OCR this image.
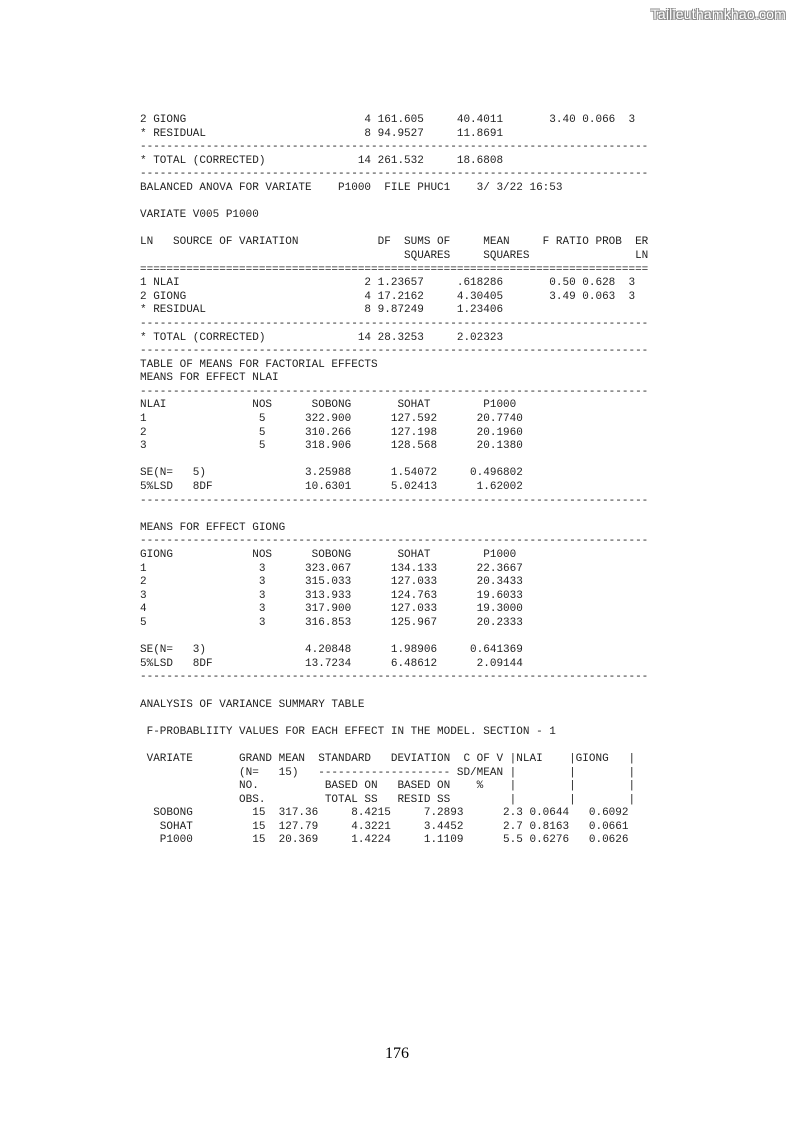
Tailieuthamkhao.com
2 GIONG                           4 161.605     40.4011       3.40 0.066  3
* RESIDUAL                        8 94.9527     11.8691
-----------------------------------------------------------------------------
* TOTAL (CORRECTED)              14 261.532     18.6808
-----------------------------------------------------------------------------
BALANCED ANOVA FOR VARIATE    P1000  FILE PHUC1    3/ 3/22 16:53
VARIATE V005 P1000
LN   SOURCE OF VARIATION            DF  SUMS OF     MEAN     F RATIO PROB  ER
SQUARES     SQUARES                LN
=============================================================================
1 NLAI                            2 1.23657     .618286       0.50 0.628  3
2 GIONG                           4 17.2162     4.30405       3.49 0.063  3
* RESIDUAL                        8 9.87249     1.23406
-----------------------------------------------------------------------------
* TOTAL (CORRECTED)              14 28.3253     2.02323
-----------------------------------------------------------------------------
TABLE OF MEANS FOR FACTORIAL EFFECTS
MEANS FOR EFFECT NLAI
-----------------------------------------------------------------------------
NLAI             NOS      SOBONG       SOHAT        P1000
1                 5      322.900      127.592      20.7740
2                 5      310.266      127.198      20.1960
3                 5      318.906      128.568      20.1380
SE(N=   5)               3.25988      1.54072     0.496802
5%LSD   8DF              10.6301      5.02413      1.62002
-----------------------------------------------------------------------------
MEANS FOR EFFECT GIONG
-----------------------------------------------------------------------------
GIONG            NOS      SOBONG       SOHAT        P1000
1                 3      323.067      134.133      22.3667
2                 3      315.033      127.033      20.3433
3                 3      313.933      124.763      19.6033
4                 3      317.900      127.033      19.3000
5                 3      316.853      125.967      20.2333
SE(N=   3)               4.20848      1.98906     0.641369
5%LSD   8DF              13.7234      6.48612      2.09144
-----------------------------------------------------------------------------
ANALYSIS OF VARIANCE SUMMARY TABLE
F-PROBABLIITY VALUES FOR EACH EFFECT IN THE MODEL. SECTION - 1
VARIATE       GRAND MEAN  STANDARD   DEVIATION  C OF V |NLAI    |GIONG   |
(N=   15)   -------------------- SD/MEAN |        |        |
NO.          BASED ON   BASED ON    %    |        |        |
OBS.         TOTAL SS   RESID SS         |        |        |
SOBONG         15  317.36     8.4215     7.2893      2.3 0.0644   0.6092
SOHAT         15  127.79     4.3221     3.4452      2.7 0.8163   0.0661
P1000         15  20.369     1.4224     1.1109      5.5 0.6276   0.0626
176
